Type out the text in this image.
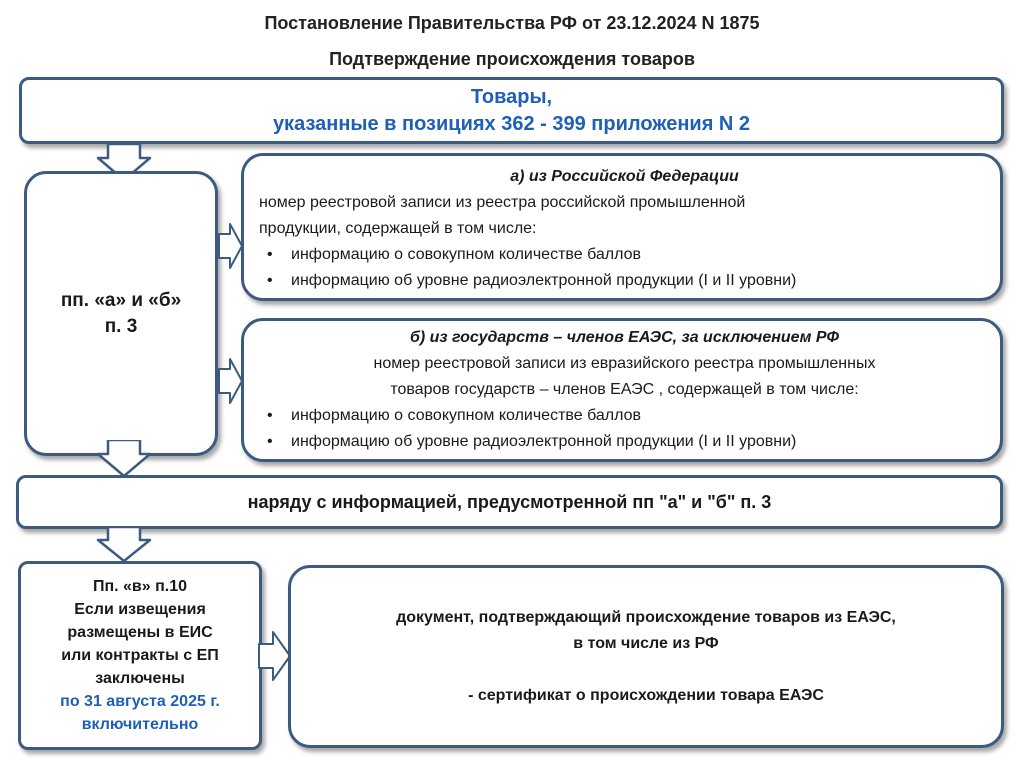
Постановление Правительства РФ от 23.12.2024 N 1875
Подтверждение происхождения товаров
Товары,
указанные в позициях 362 - 399 приложения N 2
пп. «а» и «б»
п. 3
а) из Российской Федерации
номер реестровой записи из реестра российской промышленной
продукции, содержащей в том числе:
• информацию о совокупном количестве баллов
• информацию об уровне радиоэлектронной продукции (I и II уровни)
б) из государств – членов ЕАЭС, за исключением РФ
номер реестровой записи из евразийского реестра промышленных
товаров государств – членов ЕАЭС , содержащей в том числе:
• информацию о совокупном количестве баллов
• информацию об уровне радиоэлектронной продукции (I и II уровни)
наряду с информацией, предусмотренной пп "а" и "б" п. 3
Пп. «в» п.10
Если извещения
размещены в ЕИС
или контракты с ЕП
заключены
по 31 августа 2025 г.
включительно
документ, подтверждающий происхождение товаров из ЕАЭС,
в том числе из РФ
- сертификат о происхождении товара ЕАЭС
